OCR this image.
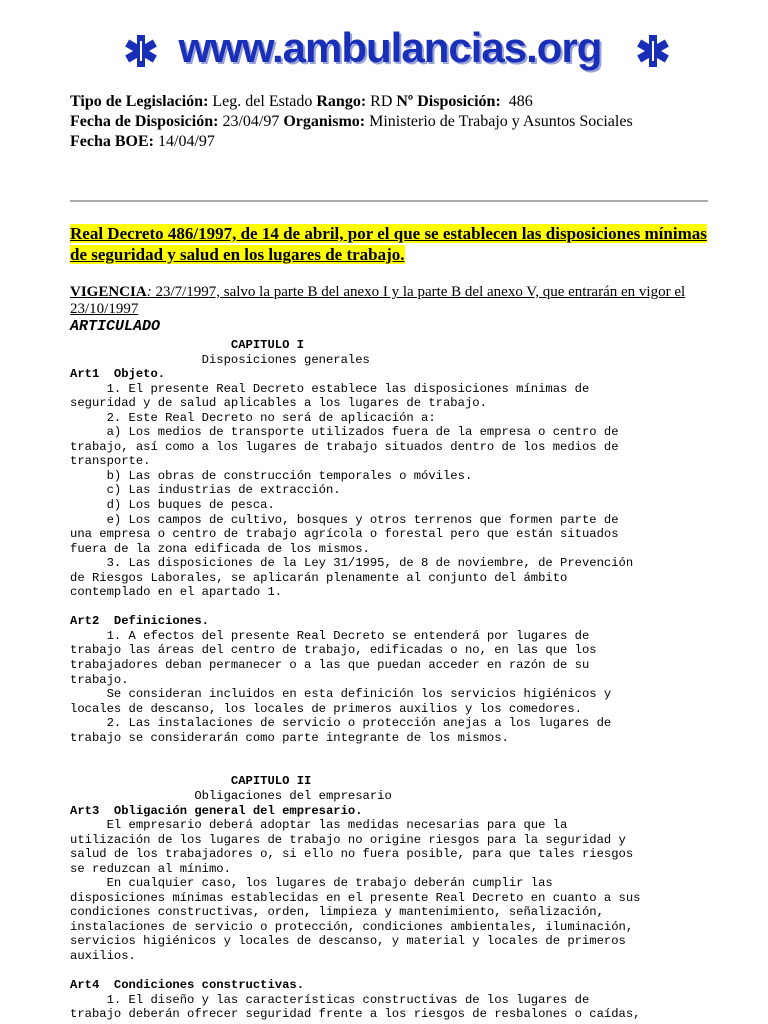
www.ambulancias.org
Tipo de Legislación: Leg. del Estado Rango: RD Nº Disposición:  486
Fecha de Disposición: 23/04/97 Organismo: Ministerio de Trabajo y Asuntos Sociales
Fecha BOE: 14/04/97
Real Decreto 486/1997, de 14 de abril, por el que se establecen las disposiciones mínimas de seguridad y salud en los lugares de trabajo.
VIGENCIA: 23/7/1997, salvo la parte B del anexo I y la parte B del anexo V, que entrarán en vigor el 23/10/1997
ARTICULADO
CAPITULO I
Disposiciones generales
Art1  Objeto.
1. El presente Real Decreto establece las disposiciones mínimas de
seguridad y de salud aplicables a los lugares de trabajo.
2. Este Real Decreto no será de aplicación a:
a) Los medios de transporte utilizados fuera de la empresa o centro de
trabajo, así como a los lugares de trabajo situados dentro de los medios de
transporte.
b) Las obras de construcción temporales o móviles.
c) Las industrias de extracción.
d) Los buques de pesca.
e) Los campos de cultivo, bosques y otros terrenos que formen parte de
una empresa o centro de trabajo agrícola o forestal pero que están situados
fuera de la zona edificada de los mismos.
3. Las disposiciones de la Ley 31/1995, de 8 de noviembre, de Prevención
de Riesgos Laborales, se aplicarán plenamente al conjunto del ámbito
contemplado en el apartado 1.

Art2  Definiciones.
1. A efectos del presente Real Decreto se entenderá por lugares de
trabajo las áreas del centro de trabajo, edificadas o no, en las que los
trabajadores deban permanecer o a las que puedan acceder en razón de su
trabajo.
Se consideran incluidos en esta definición los servicios higiénicos y
locales de descanso, los locales de primeros auxilios y los comedores.
2. Las instalaciones de servicio o protección anejas a los lugares de
trabajo se considerarán como parte integrante de los mismos.

CAPITULO II
Obligaciones del empresario
Art3  Obligación general del empresario.
El empresario deberá adoptar las medidas necesarias para que la
utilización de los lugares de trabajo no origine riesgos para la seguridad y
salud de los trabajadores o, si ello no fuera posible, para que tales riesgos
se reduzcan al mínimo.
En cualquier caso, los lugares de trabajo deberán cumplir las
disposiciones mínimas establecidas en el presente Real Decreto en cuanto a sus
condiciones constructivas, orden, limpieza y mantenimiento, señalización,
instalaciones de servicio o protección, condiciones ambientales, iluminación,
servicios higiénicos y locales de descanso, y material y locales de primeros
auxilios.

Art4  Condiciones constructivas.
1. El diseño y las características constructivas de los lugares de
trabajo deberán ofrecer seguridad frente a los riesgos de resbalones o caídas,
